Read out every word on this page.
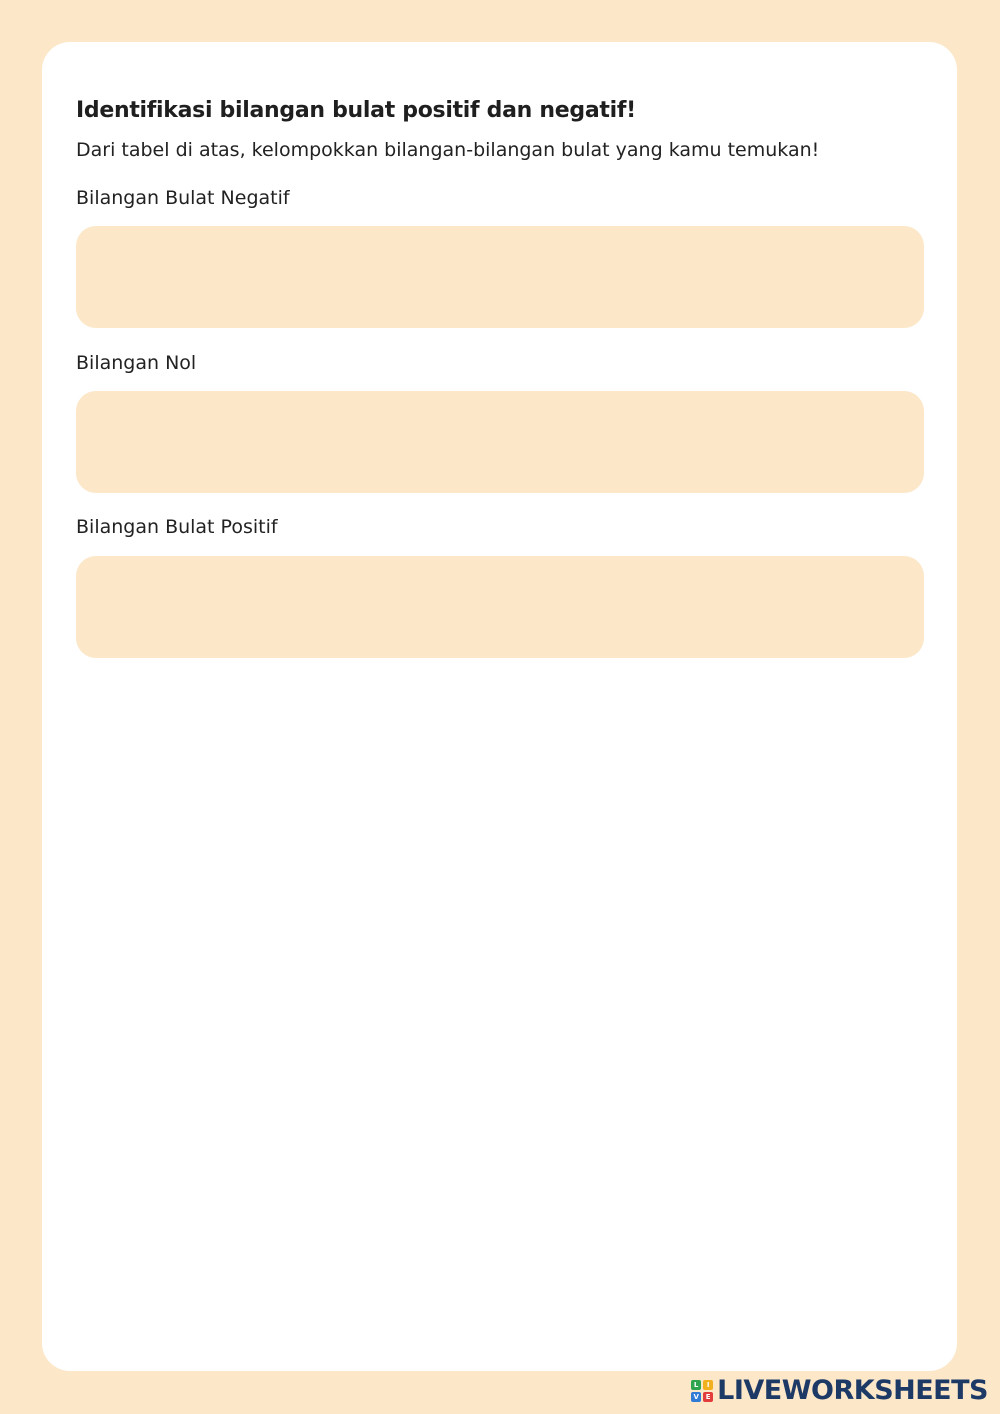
Identifikasi bilangan bulat positif dan negatif!

Dari tabel di atas, kelompokkan bilangan-bilangan bulat yang kamu temukan!

Bilangan Bulat Negatif

Bilangan Nol

Bilangan Bulat Positif

L	I
V E LIVEWORKSHEETS
